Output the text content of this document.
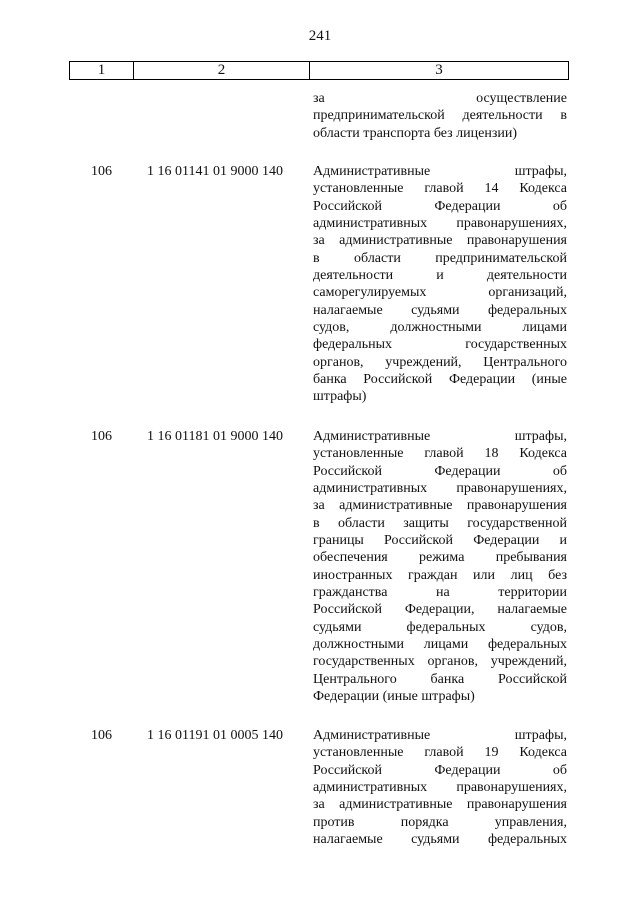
241
1	2	3
за осуществление
предпринимательской деятельности в
области транспорта без лицензии)
106	1 16 01141 01 9000 140 Административные штрафы,
установленные главой 14 Кодекса
Российской Федерации об
административных правонарушениях,
за административные правонарушения
в области предпринимательской
деятельности и деятельности
саморегулируемых организаций,
налагаемые судьями федеральных
судов, должностными лицами
федеральных государственных
органов, учреждений, Центрального
банка Российской Федерации (иные
штрафы)
106	1 16 01181 01 9000 140 Административные штрафы,
установленные главой 18 Кодекса
Российской Федерации об
административных правонарушениях,
за административные правонарушения
в области защиты государственной
границы Российской Федерации и
обеспечения режима пребывания
иностранных граждан или лиц без
гражданства на территории
Российской Федерации, налагаемые
судьями федеральных судов,
должностными лицами федеральных
государственных органов, учреждений,
Центрального банка Российской
Федерации (иные штрафы)
106	1 16 01191 01 0005 140 Административные штрафы,
установленные главой 19 Кодекса
Российской Федерации об
административных правонарушениях,
за административные правонарушения
против порядка управления,
налагаемые судьями федеральных
